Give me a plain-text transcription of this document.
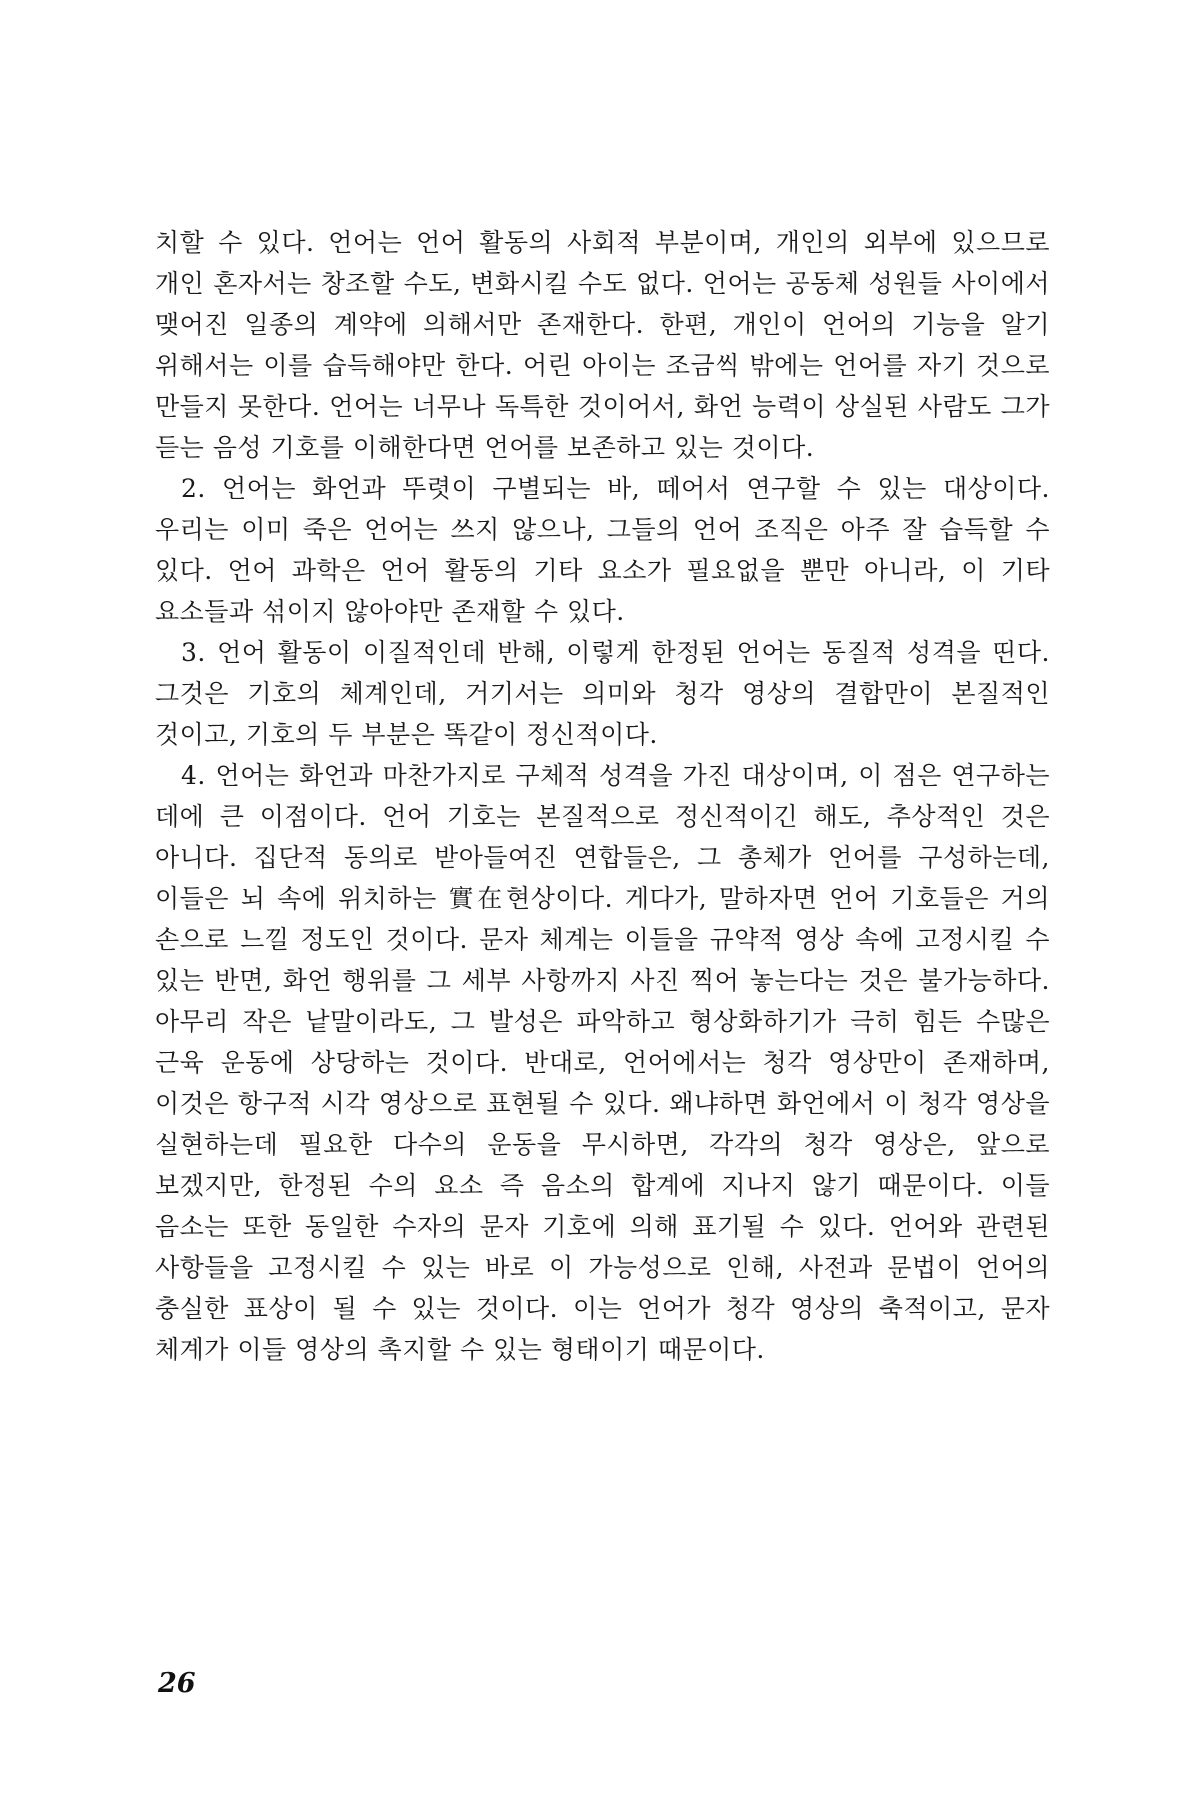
치할 수 있다. 언어는 언어 활동의 사회적 부분이며, 개인의 외부에 있으므로 개인 혼자서는 창조할 수도, 변화시킬 수도 없다. 언어는 공동체 성원들 사이에서 맺어진 일종의 계약에 의해서만 존재한다. 한편, 개인이 언어의 기능을 알기 위해서는 이를 습득해야만 한다. 어린 아이는 조금씩 밖에는 언어를 자기 것으로 만들지 못한다. 언어는 너무나 독특한 것이어서, 화언 능력이 상실된 사람도 그가 듣는 음성 기호를 이해한다면 언어를 보존하고 있는 것이다.

2. 언어는 화언과 뚜렷이 구별되는 바, 떼어서 연구할 수 있는 대상이다. 우리는 이미 죽은 언어는 쓰지 않으나, 그들의 언어 조직은 아주 잘 습득할 수 있다. 언어 과학은 언어 활동의 기타 요소가 필요없을 뿐만 아니라, 이 기타 요소들과 섞이지 않아야만 존재할 수 있다.

3. 언어 활동이 이질적인데 반해, 이렇게 한정된 언어는 동질적 성격을 띤다. 그것은 기호의 체계인데, 거기서는 의미와 청각 영상의 결합만이 본질적인 것이고, 기호의 두 부분은 똑같이 정신적이다.

4. 언어는 화언과 마찬가지로 구체적 성격을 가진 대상이며, 이 점은 연구하는 데에 큰 이점이다. 언어 기호는 본질적으로 정신적이긴 해도, 추상적인 것은 아니다. 집단적 동의로 받아들여진 연합들은, 그 총체가 언어를 구성하는데, 이들은 뇌 속에 위치하는 實在현상이다. 게다가, 말하자면 언어 기호들은 거의 손으로 느낄 정도인 것이다. 문자 체계는 이들을 규약적 영상 속에 고정시킬 수 있는 반면, 화언 행위를 그 세부 사항까지 사진 찍어 놓는다는 것은 불가능하다. 아무리 작은 낱말이라도, 그 발성은 파악하고 형상화하기가 극히 힘든 수많은 근육 운동에 상당하는 것이다. 반대로, 언어에서는 청각 영상만이 존재하며, 이것은 항구적 시각 영상으로 표현될 수 있다. 왜냐하면 화언에서 이 청각 영상을 실현하는데 필요한 다수의 운동을 무시하면, 각각의 청각 영상은, 앞으로 보겠지만, 한정된 수의 요소 즉 음소의 합계에 지나지 않기 때문이다. 이들 음소는 또한 동일한 수자의 문자 기호에 의해 표기될 수 있다. 언어와 관련된 사항들을 고정시킬 수 있는 바로 이 가능성으로 인해, 사전과 문법이 언어의 충실한 표상이 될 수 있는 것이다. 이는 언어가 청각 영상의 축적이고, 문자 체계가 이들 영상의 촉지할 수 있는 형태이기 때문이다.

26
